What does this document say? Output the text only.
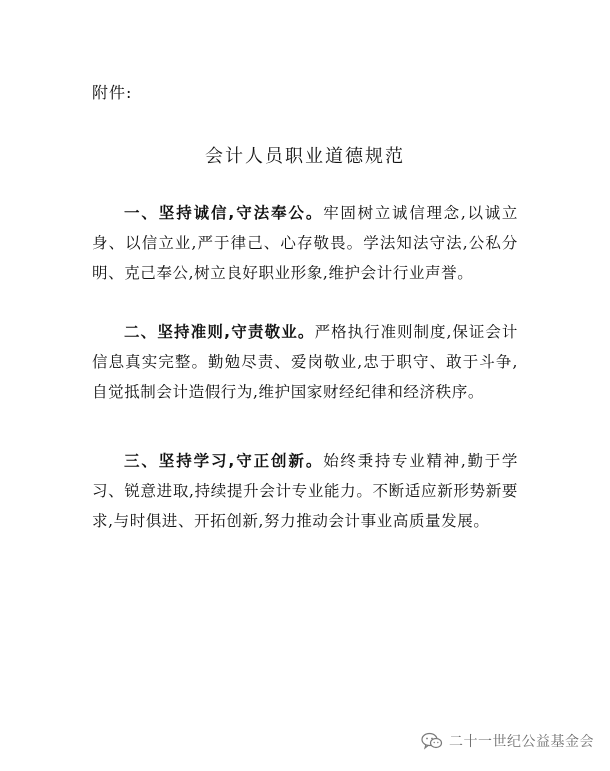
附件:
会计人员职业道德规范

一、坚持诚信,守法奉公。牢固树立诚信理念,以诚立身、以信立业,严于律己、心存敬畏。学法知法守法,公私分明、克己奉公,树立良好职业形象,维护会计行业声誉。

二、坚持准则,守责敬业。严格执行准则制度,保证会计信息真实完整。勤勉尽责、爱岗敬业,忠于职守、敢于斗争,自觉抵制会计造假行为,维护国家财经纪律和经济秩序。

三、坚持学习,守正创新。始终秉持专业精神,勤于学习、锐意进取,持续提升会计专业能力。不断适应新形势新要求,与时俱进、开拓创新,努力推动会计事业高质量发展。

二十一世纪公益基金会
